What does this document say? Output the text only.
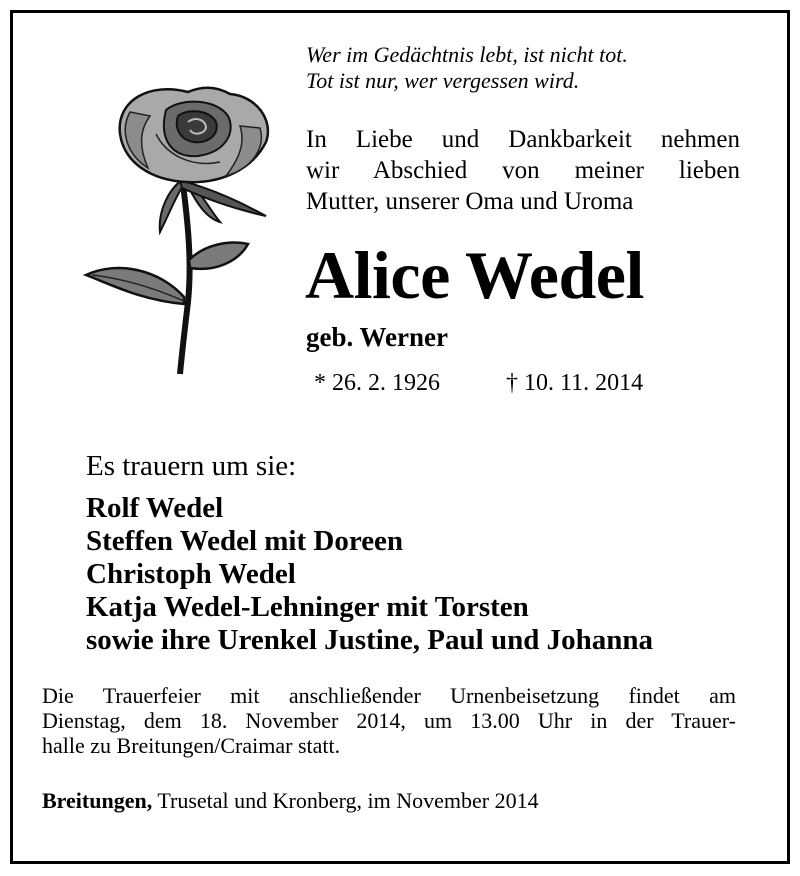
Wer im Gedächtnis lebt, ist nicht tot.
Tot ist nur, wer vergessen wird.
In Liebe und Dankbarkeit nehmen
wir Abschied von meiner lieben
Mutter, unserer Oma und Uroma
Alice Wedel
geb. Werner
* 26. 2. 1926	† 10. 11. 2014
Es trauern um sie:
Rolf Wedel
Steffen Wedel mit Doreen
Christoph Wedel
Katja Wedel-Lehninger mit Torsten
sowie ihre Urenkel Justine, Paul und Johanna
Die Trauerfeier mit anschließender Urnenbeisetzung findet am
Dienstag, dem 18. November 2014, um 13.00 Uhr in der Trauer-
halle zu Breitungen/Craimar statt.
Breitungen, Trusetal und Kronberg, im November 2014
